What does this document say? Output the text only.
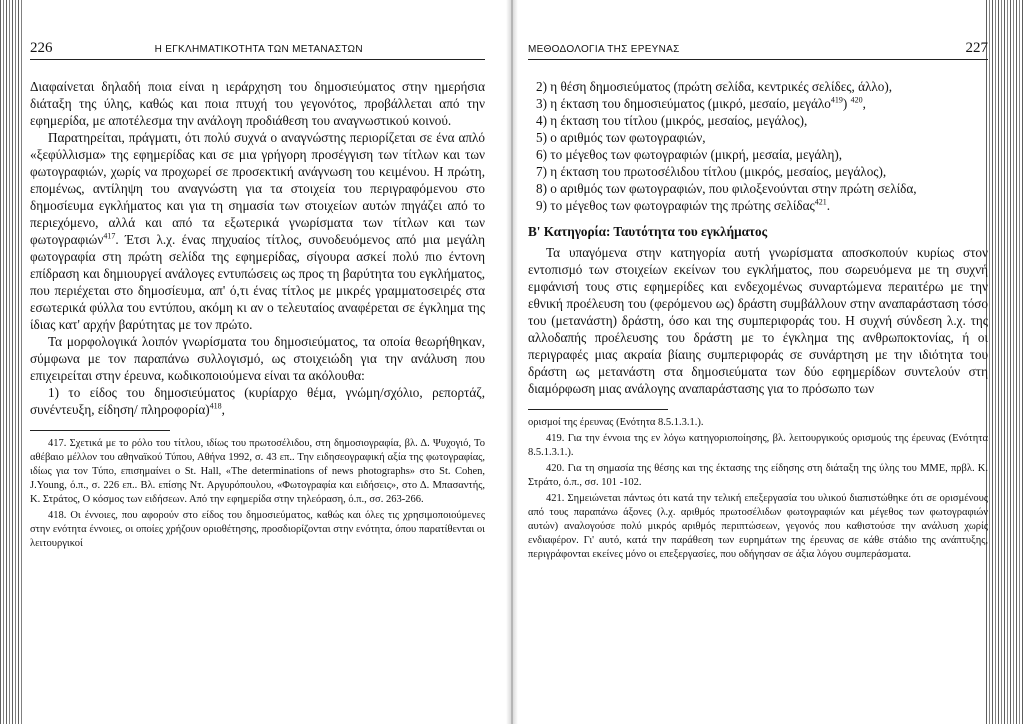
226	Η ΕΓΚΛΗΜΑΤΙΚΟΤΗΤΑ ΤΩΝ ΜΕΤΑΝΑΣΤΩΝ

Διαφαίνεται δηλαδή ποια είναι η ιεράρχηση του δημοσιεύματος στην ημερήσια διάταξη της ύλης, καθώς και ποια πτυχή του γεγονότος, προβάλλεται από την εφημερίδα, με αποτέλεσμα την ανάλογη προδιάθεση του αναγνωστικού κοινού.

Παρατηρείται, πράγματι, ότι πολύ συχνά ο αναγνώστης περιορίζεται σε ένα απλό «ξεφύλλισμα» της εφημερίδας και σε μια γρήγορη προσέγγιση των τίτλων και των φωτογραφιών, χωρίς να προχωρεί σε προσεκτική ανάγνωση του κειμένου. Η πρώτη, επομένως, αντίληψη του αναγνώστη για τα στοιχεία του περιγραφόμενου στο δημοσίευμα εγκλήματος και για τη σημασία των στοιχείων αυτών πηγάζει από το περιεχόμενο, αλλά και από τα εξωτερικά γνωρίσματα των τίτλων και των φωτογραφιών$^{417}$. Έτσι λ.χ. ένας πηχυαίος τίτλος, συνοδευόμενος από μια μεγάλη φωτογραφία στη πρώτη σελίδα της εφημερίδας, σίγουρα ασκεί πολύ πιο έντονη επίδραση και δημιουργεί ανάλογες εντυπώσεις ως προς τη βαρύτητα του εγκλήματος, που περιέχεται στο δημοσίευμα, απ' ό,τι ένας τίτλος με μικρές γραμματοσειρές στα εσωτερικά φύλλα του εντύπου, ακόμη κι αν ο τελευταίος αναφέρεται σε έγκλημα της ίδιας κατ' αρχήν βαρύτητας με τον πρώτο.

Τα μορφολογικά λοιπόν γνωρίσματα του δημοσιεύματος, τα οποία θεωρήθηκαν, σύμφωνα με τον παραπάνω συλλογισμό, ως στοιχειώδη για την ανάλυση που επιχειρείται στην έρευνα, κωδικοποιούμενα είναι τα ακόλουθα:

1) το είδος του δημοσιεύματος (κυρίαρχο θέμα, γνώμη/σχόλιο, ρεπορτάζ, συνέντευξη, είδηση/ πληροφορία)$^{418}$,

417. Σχετικά με το ρόλο του τίτλου, ιδίως του πρωτοσέλιδου, στη δημοσιογραφία, βλ. Δ. Ψυχογιό, Το αθέβαιο μέλλον του αθηναϊκού Τύπου, Αθήνα 1992, σ. 43 επ.. Την ειδησεογραφική αξία της φωτογραφίας, ιδίως για τον Τύπο, επισημαίνει ο St. Hall, «The determinations of news photographs» στο St. Cohen, J.Young, ό.π., σ. 226 επ.. Βλ. επίσης Ντ. Αργυρόπουλου, «Φωτογραφία και ειδήσεις», στο Δ. Μπασαντής, Κ. Στράτος, Ο κόσμος των ειδήσεων. Από την εφημερίδα στην τηλεόραση, ό.π., σσ. 263-266.

418. Οι έννοιες, που αφορούν στο είδος του δημοσιεύματος, καθώς και όλες τις χρησιμοποιούμενες στην ενότητα έννοιες, οι οποίες χρήζουν οριοθέτησης, προσδιορίζονται στην ενότητα, όπου παρατίθενται οι λειτουργικοί

ΜΕΘΟΔΟΛΟΓΙΑ ΤΗΣ ΕΡΕΥΝΑΣ	227

2) η θέση δημοσιεύματος (πρώτη σελίδα, κεντρικές σελίδες, άλλο),

3) η έκταση του δημοσιεύματος (μικρό, μεσαίο, μεγάλο$^{419}$) $^{420}$,

4) η έκταση του τίτλου (μικρός, μεσαίος, μεγάλος),

5) ο αριθμός των φωτογραφιών,

6) το μέγεθος των φωτογραφιών (μικρή, μεσαία, μεγάλη),

7) η έκταση του πρωτοσέλιδου τίτλου (μικρός, μεσαίος, μεγάλος),

8) ο αριθμός των φωτογραφιών, που φιλοξενούνται στην πρώτη σελίδα,

9) το μέγεθος των φωτογραφιών της πρώτης σελίδας$^{421}$.

Β' Κατηγορία: Ταυτότητα του εγκλήματος

Τα υπαγόμενα στην κατηγορία αυτή γνωρίσματα αποσκοπούν κυρίως στον εντοπισμό των στοιχείων εκείνων του εγκλήματος, που σωρευόμενα με τη συχνή εμφάνισή τους στις εφημερίδες και ενδεχομένως συναρτώμενα περαιτέρω με την εθνική προέλευση του (φερόμενου ως) δράστη συμβάλλουν στην αναπαράσταση τόσο του (μετανάστη) δράστη, όσο και της συμπεριφοράς του. Η συχνή σύνδεση λ.χ. της αλλοδαπής προέλευσης του δράστη με το έγκλημα της ανθρωποκτονίας, ή οι περιγραφές μιας ακραία βίαιης συμπεριφοράς σε συνάρτηση με την ιδιότητα του δράστη ως μετανάστη στα δημοσιεύματα των δύο εφημερίδων συντελούν στη διαμόρφωση μιας ανάλογης αναπαράστασης για το πρόσωπο των

ορισμοί της έρευνας (Ενότητα 8.5.1.3.1.).

419. Για την έννοια της εν λόγω κατηγοριοποίησης, βλ. λειτουργικούς ορισμούς της έρευνας (Ενότητα 8.5.1.3.1.).

420. Για τη σημασία της θέσης και της έκτασης της είδησης στη διάταξη της ύλης του ΜΜΕ, πρβλ. Κ. Στράτο, ό.π., σσ. 101 -102.

421. Σημειώνεται πάντως ότι κατά την τελική επεξεργασία του υλικού διαπιστώθηκε ότι σε ορισμένους από τους παραπάνω άξονες (λ.χ. αριθμός πρωτοσέλιδων φωτογραφιών και μέγεθος των φωτογραφιών αυτών) αναλογούσε πολύ μικρός αριθμός περιπτώσεων, γεγονός που καθιστούσε την ανάλυση χωρίς ενδιαφέρον. Γι' αυτό, κατά την παράθεση των ευρημάτων της έρευνας σε κάθε στάδιο της ανάπτυξης, περιγράφονται εκείνες μόνο οι επεξεργασίες, που οδήγησαν σε άξια λόγου συμπεράσματα.
